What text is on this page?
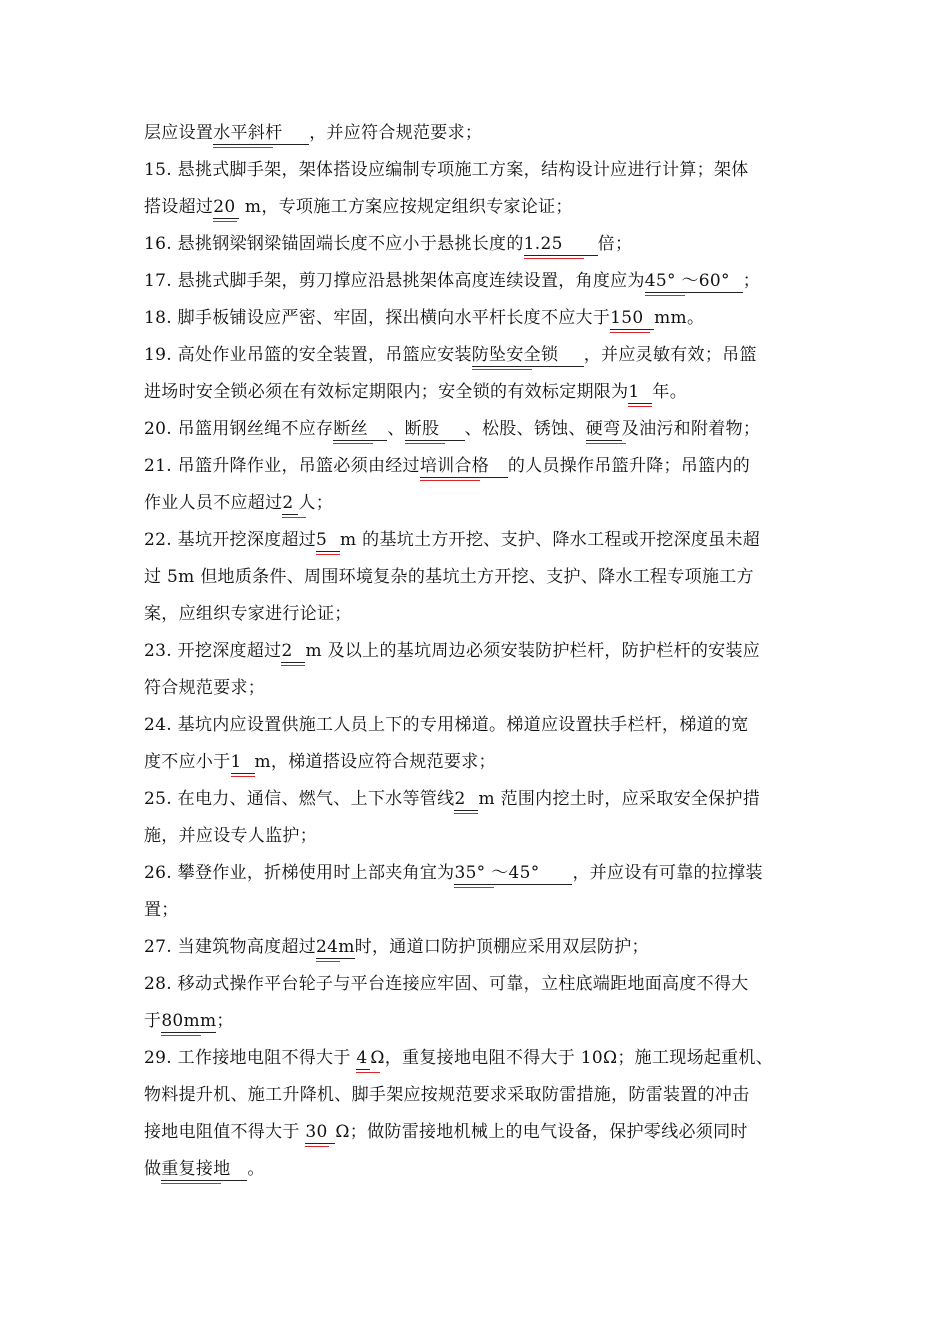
层应设置水平斜杆，并应符合规范要求；
15. 悬挑式脚手架，架体搭设应编制专项施工方案，结构设计应进行计算；架体
搭设超过20 m，专项施工方案应按规定组织专家论证；
16. 悬挑钢梁钢梁锚固端长度不应小于悬挑长度的1.25倍；
17. 悬挑式脚手架，剪刀撑应沿悬挑架体高度连续设置，角度应为45° ～60°；
18. 脚手板铺设应严密、牢固，探出横向水平杆长度不应大于150mm。
19. 高处作业吊篮的安全装置，吊篮应安装防坠安全锁，并应灵敏有效；吊篮
进场时安全锁必须在有效标定期限内；安全锁的有效标定期限为1年。
20. 吊篮用钢丝绳不应存断丝、断股、松股、锈蚀、硬弯及油污和附着物；
21. 吊篮升降作业，吊篮必须由经过培训合格的人员操作吊篮升降；吊篮内的
作业人员不应超过2 人；
22. 基坑开挖深度超过5 m 的基坑土方开挖、支护、降水工程或开挖深度虽未超
过 5m 但地质条件、周围环境复杂的基坑土方开挖、支护、降水工程专项施工方
案，应组织专家进行论证；
23. 开挖深度超过2 m 及以上的基坑周边必须安装防护栏杆，防护栏杆的安装应
符合规范要求；
24. 基坑内应设置供施工人员上下的专用梯道。梯道应设置扶手栏杆，梯道的宽
度不应小于1m，梯道搭设应符合规范要求；
25. 在电力、通信、燃气、上下水等管线2 m 范围内挖土时，应采取安全保护措
施，并应设专人监护；
26. 攀登作业，折梯使用时上部夹角宜为35° ～45°，并应设有可靠的拉撑装
置；
27. 当建筑物高度超过24m时，通道口防护顶棚应采用双层防护；
28. 移动式操作平台轮子与平台连接应牢固、可靠，立柱底端距地面高度不得大
于80mm；
29. 工作接地电阻不得大于 4 Ω，重复接地电阻不得大于 10Ω；施工现场起重机、
物料提升机、施工升降机、脚手架应按规范要求采取防雷措施，防雷装置的冲击
接地电阻值不得大于 30Ω；做防雷接地机械上的电气设备，保护零线必须同时
做重复接地。
